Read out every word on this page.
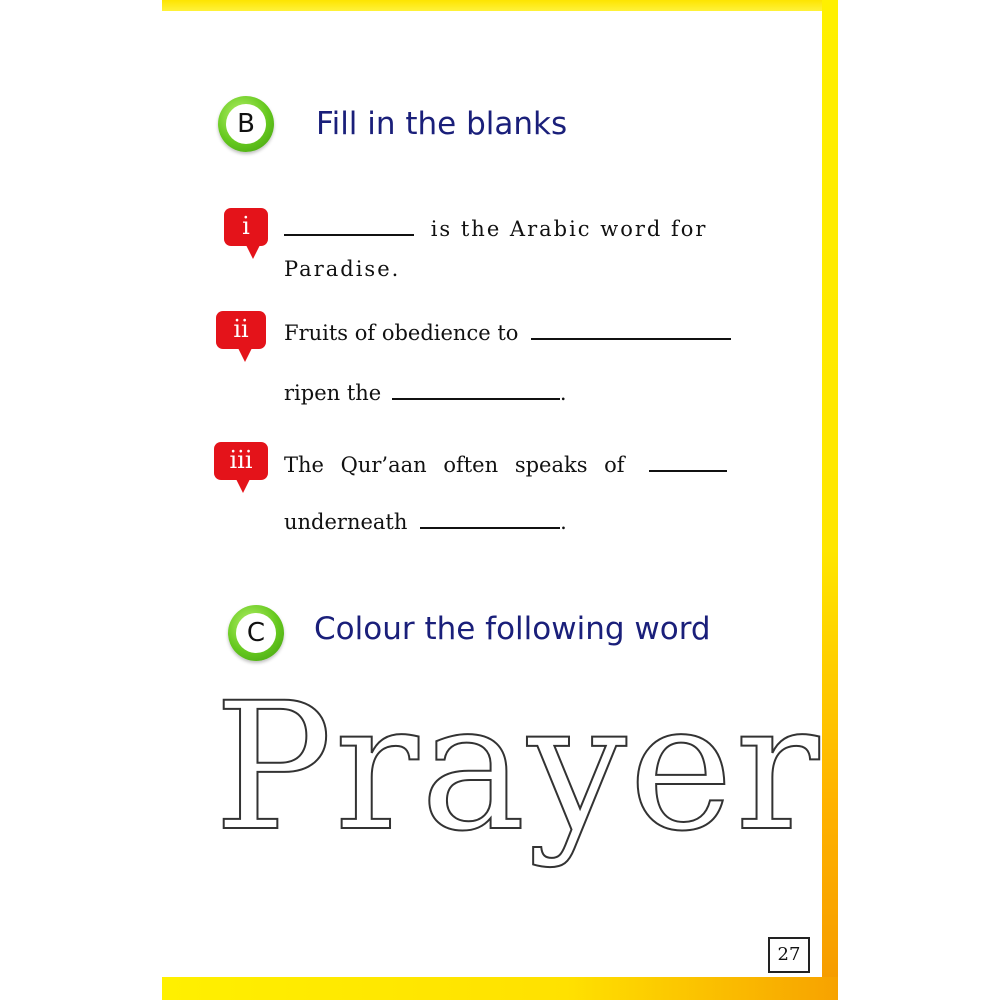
B	Fill in the blanks
i	is the Arabic word for
Paradise.
ii	Fruits of obedience to
ripen the	.
iii	The Qur’aan often speaks of
underneath	.
C	Colour the following word
Prayer
27
